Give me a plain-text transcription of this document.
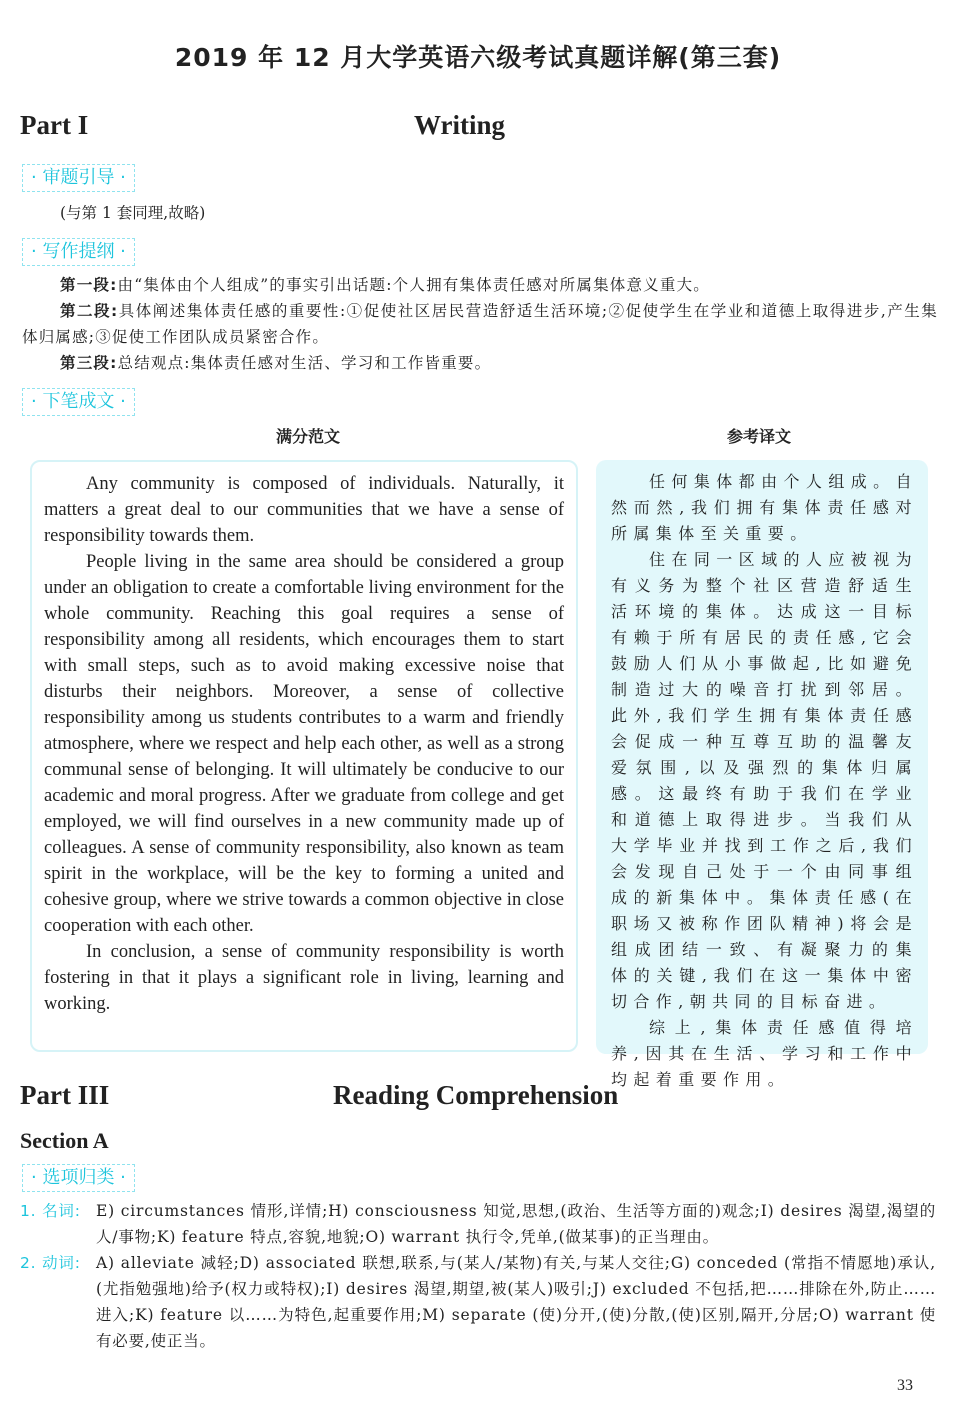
2019 年 12 月大学英语六级考试真题详解(第三套)
Part I	Writing
· 审题引导 ·
(与第 1 套同理,故略)
· 写作提纲 ·

第一段:由“集体由个人组成”的事实引出话题:个人拥有集体责任感对所属集体意义重大。

第二段:具体阐述集体责任感的重要性:①促使社区居民营造舒适生活环境;②促使学生在学业和道德上取得进步,产生集体归属感;③促使工作团队成员紧密合作。

第三段:总结观点:集体责任感对生活、学习和工作皆重要。

· 下笔成文 ·
满分范文	参考译文

Any community is composed of individuals. Naturally, it matters a great deal to our communities that we have a sense of responsibility towards them.

People living in the same area should be considered a group under an obligation to create a comfortable living environment for the whole community. Reaching this goal requires a sense of responsibility among all residents, which encourages them to start with small steps, such as to avoid making excessive noise that disturbs their neighbors. Moreover, a sense of collective responsibility among us students contributes to a warm and friendly atmosphere, where we respect and help each other, as well as a strong communal sense of belonging. It will ultimately be conducive to our academic and moral progress. After we graduate from college and get employed, we will find ourselves in a new community made up of colleagues. A sense of community responsibility, also known as team spirit in the workplace, will be the key to forming a united and cohesive group, where we strive towards a common objective in close cooperation with each other.

In conclusion, a sense of community responsibility is worth fostering in that it plays a significant role in living, learning and working.

任何集体都由个人组成。自然而然,我们拥有集体责任感对所属集体至关重要。

住在同一区域的人应被视为有义务为整个社区营造舒适生活环境的集体。达成这一目标有赖于所有居民的责任感,它会鼓励人们从小事做起,比如避免制造过大的噪音打扰到邻居。此外,我们学生拥有集体责任感会促成一种互尊互助的温馨友爱氛围,以及强烈的集体归属感。这最终有助于我们在学业和道德上取得进步。当我们从大学毕业并找到工作之后,我们会发现自己处于一个由同事组成的新集体中。集体责任感(在职场又被称作团队精神)将会是组成团结一致、有凝聚力的集体的关键,我们在这一集体中密切合作,朝共同的目标奋进。

综上,集体责任感值得培养,因其在生活、学习和工作中均起着重要作用。

Part III	Reading Comprehension
Section A
· 选项归类 ·
1. 名词: E) circumstances 情形,详情;H) consciousness 知觉,思想,(政治、生活等方面的)观念;I) desires 渴望,渴望的人/事物;K) feature 特点,容貌,地貌;O) warrant 执行令,凭单,(做某事)的正当理由。
2. 动词: A) alleviate 减轻;D) associated 联想,联系,与(某人/某物)有关,与某人交往;G) conceded (常指不情愿地)承认,(尤指勉强地)给予(权力或特权);I) desires 渴望,期望,被(某人)吸引;J) excluded 不包括,把……排除在外,防止……进入;K) feature 以……为特色,起重要作用;M) separate (使)分开,(使)分散,(使)区别,隔开,分居;O) warrant 使有必要,使正当。
33
